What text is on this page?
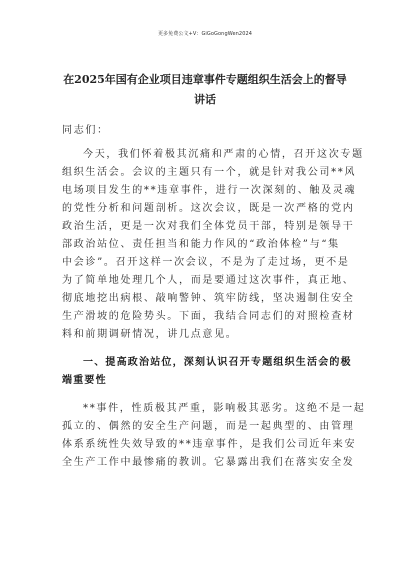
更多免费公文+V：GiGoGongWen2024
在2025年国有企业项目违章事件专题组织生活会上的督导
讲话
同志们：
今天，我们怀着极其沉痛和严肃的心情，召开这次专题
组织生活会。会议的主题只有一个，就是针对我公司**风
电场项目发生的**违章事件，进行一次深刻的、触及灵魂
的党性分析和问题剖析。这次会议，既是一次严格的党内
政治生活，更是一次对我们全体党员干部，特别是领导干
部政治站位、责任担当和能力作风的“政治体检”与“集
中会诊”。召开这样一次会议，不是为了走过场，更不是
为了简单地处理几个人，而是要通过这次事件，真正地、
彻底地挖出病根、敲响警钟、筑牢防线，坚决遏制住安全
生产滑坡的危险势头。下面，我结合同志们的对照检查材
料和前期调研情况，讲几点意见。
一、提高政治站位，深刻认识召开专题组织生活会的极
端重要性
**事件，性质极其严重，影响极其恶劣。这绝不是一起
孤立的、偶然的安全生产问题，而是一起典型的、由管理
体系系统性失效导致的**违章事件，是我们公司近年来安
全生产工作中最惨痛的教训。它暴露出我们在落实安全发
